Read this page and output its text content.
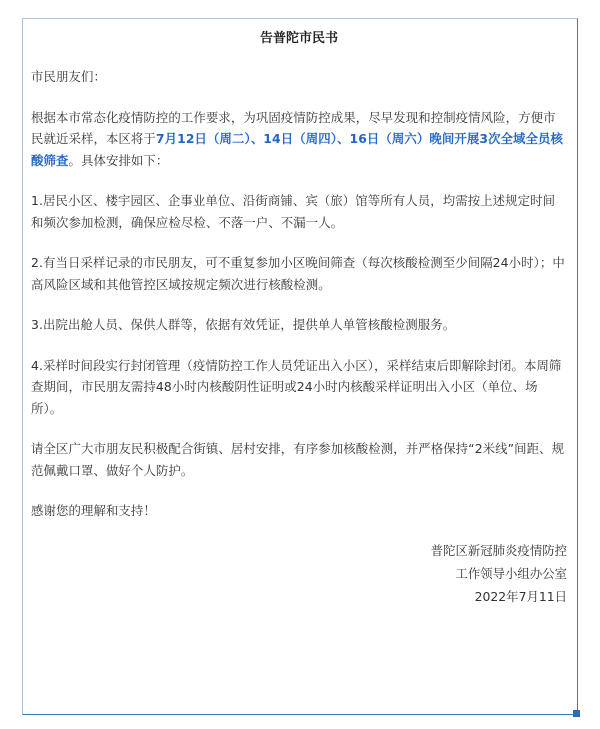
告普陀市民书

市民朋友们：

根据本市常态化疫情防控的工作要求，为巩固疫情防控成果，尽早发现和控制疫情风险，方便市民就近采样，本区将于7月12日（周二）、14日（周四）、16日（周六）晚间开展3次全域全员核酸筛查。具体安排如下：

1.居民小区、楼宇园区、企事业单位、沿街商铺、宾（旅）馆等所有人员，均需按上述规定时间和频次参加检测，确保应检尽检、不落一户、不漏一人。

2.有当日采样记录的市民朋友，可不重复参加小区晚间筛查（每次核酸检测至少间隔24小时）；中高风险区域和其他管控区域按规定频次进行核酸检测。

3.出院出舱人员、保供人群等，依据有效凭证，提供单人单管核酸检测服务。

4.采样时间段实行封闭管理（疫情防控工作人员凭证出入小区），采样结束后即解除封闭。本周筛查期间，市民朋友需持48小时内核酸阴性证明或24小时内核酸采样证明出入小区（单位、场所）。

请全区广大市朋友民积极配合街镇、居村安排，有序参加核酸检测，并严格保持“2米线”间距、规范佩戴口罩、做好个人防护。

感谢您的理解和支持！

普陀区新冠肺炎疫情防控
工作领导小组办公室
2022年7月11日
